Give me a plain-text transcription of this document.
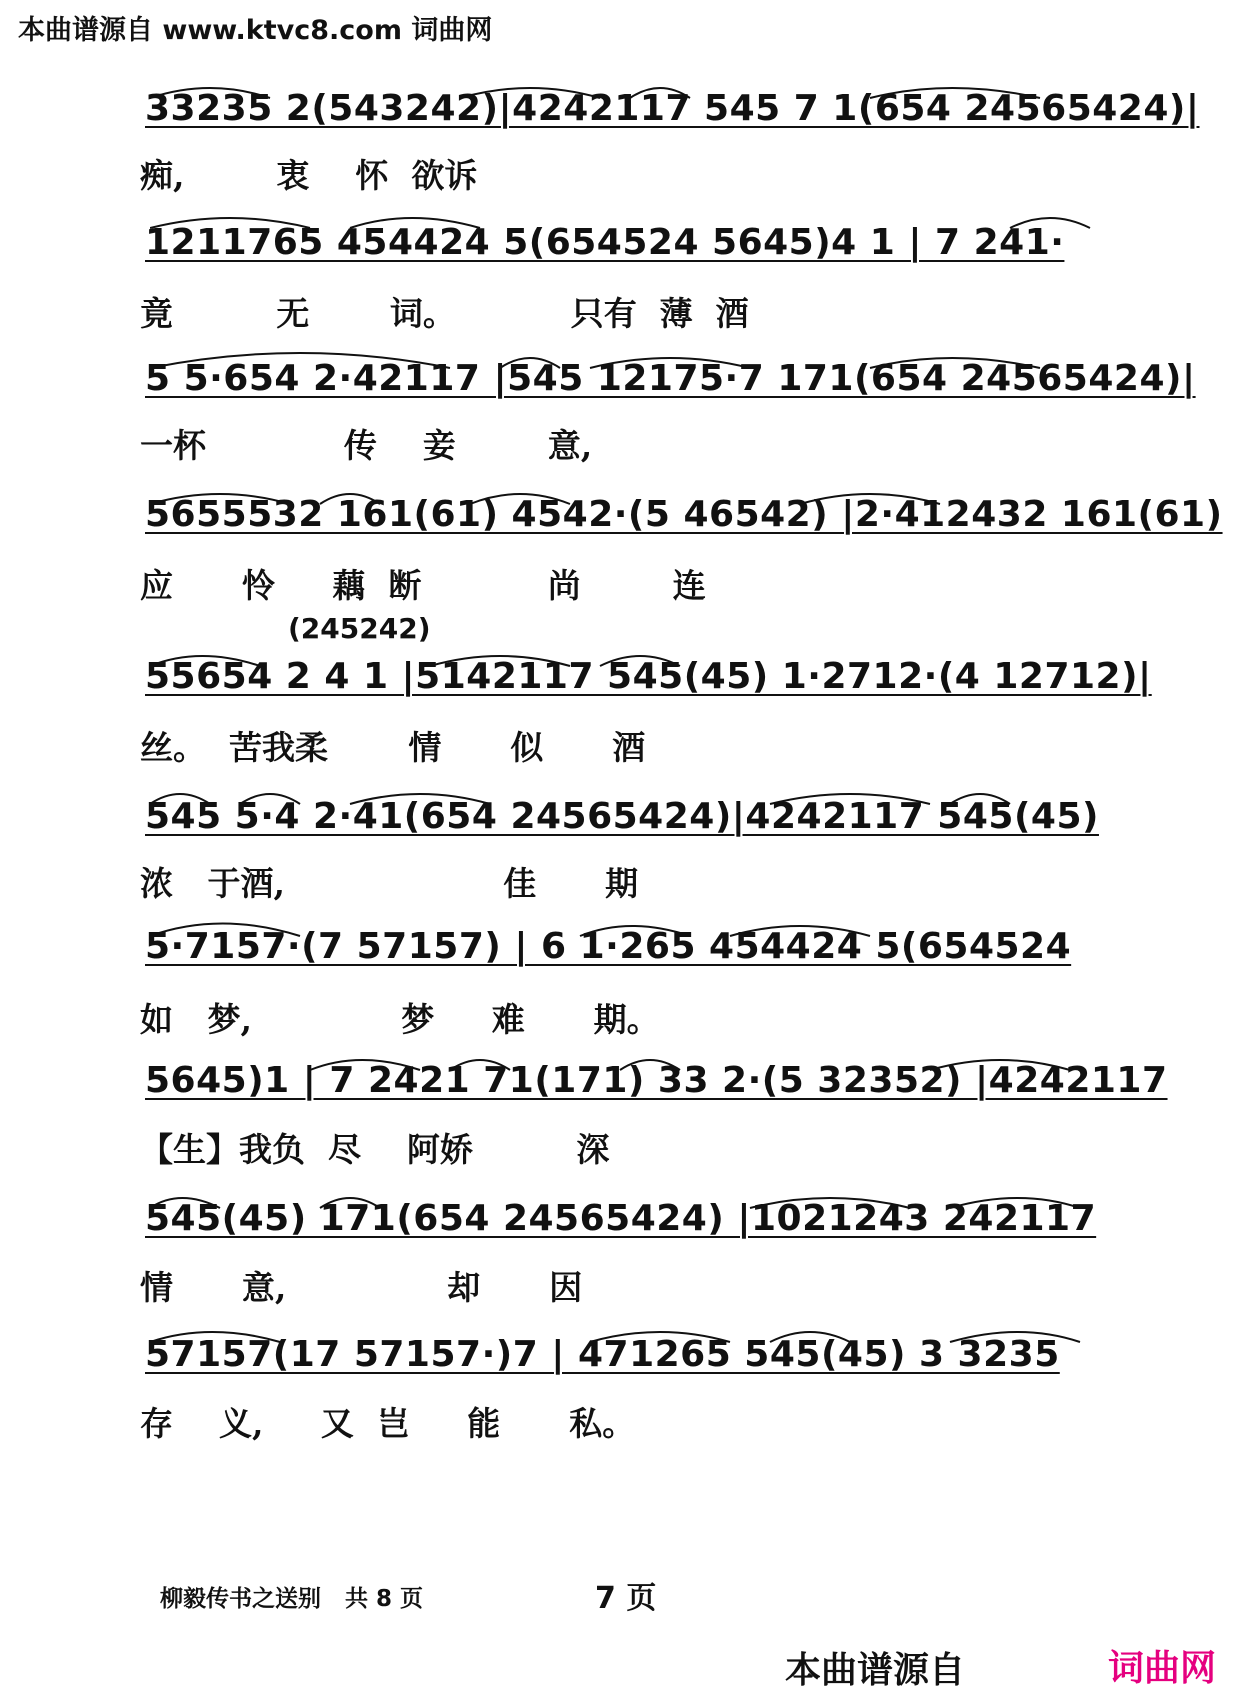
本曲谱源自 www.ktvc8.com 词曲网
33235 2(543242)|4242117 545 7 1(654 24565424)|
痴,        衷    怀  欲诉
1211765 454424 5(654524 5645)4 1 | 7 241·
竟         无       词。          只有  薄  酒
5 5·654 2·42117 |545 12175·7 171(654 24565424)|
一杯            传    妾        意,
5655532 161(61) 4542·(5 46542) |2·412432 161(61)
应      怜     藕  断           尚        连
(245242)
55654 2 4 1 |5142117 545(45) 1·2712·(4 12712)|
丝。  苦我柔       情      似      酒
545 5·4 2·41(654 24565424)|4242117 545(45)
浓   于酒,                   佳      期
5·7157·(7 57157) | 6 1·265 454424 5(654524
如   梦,             梦     难      期。
5645)1 | 7 2421 71(171) 33 2·(5 32352) |4242117
【生】我负  尽    阿娇         深
545(45) 171(654 24565424) |1021243 242117
情      意,              却      因
57157(17 57157·)7 | 471265 545(45) 3 3235
存    义,     又  岂     能      私。
柳毅传书之送别   共 8 页	7 页
本曲谱源自	词曲网
